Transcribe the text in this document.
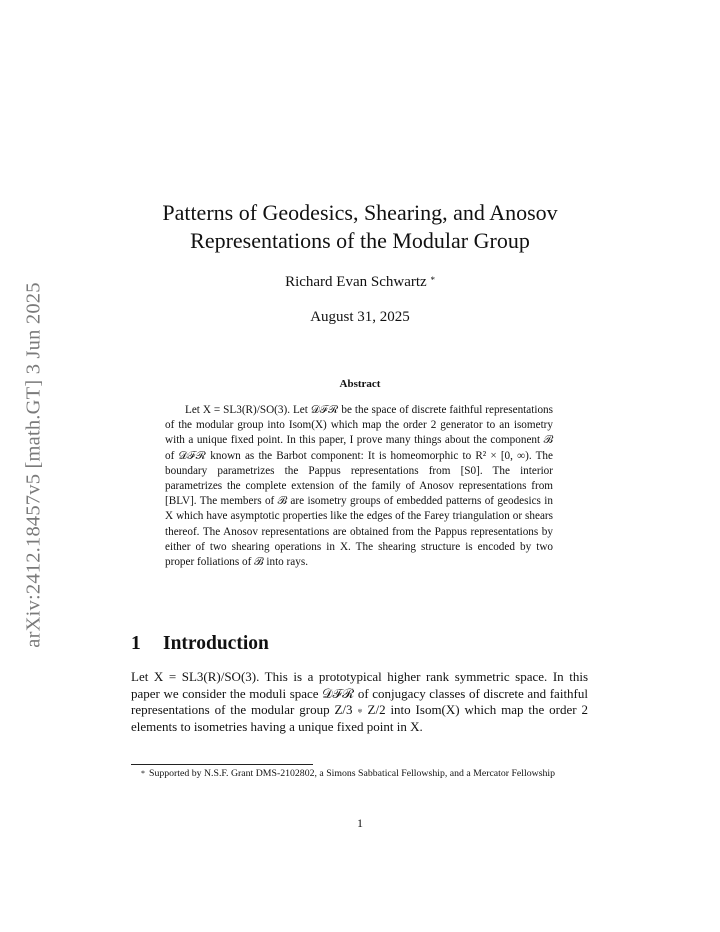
arXiv:2412.18457v5 [math.GT] 3 Jun 2025
Patterns of Geodesics, Shearing, and Anosov
Representations of the Modular Group
Richard Evan Schwartz *
August 31, 2025
Abstract

Let X = SL3(R)/SO(3). Let 𝒟ℱℛ be the space of discrete faithful representations of the modular group into Isom(X) which map the order 2 generator to an isometry with a unique fixed point. In this paper, I prove many things about the component ℬ of 𝒟ℱℛ known as the Barbot component: It is homeomorphic to R² × [0, ∞). The boundary parametrizes the Pappus representations from [S0]. The interior parametrizes the complete extension of the family of Anosov representations from [BLV]. The members of ℬ are isometry groups of embedded patterns of geodesics in X which have asymptotic properties like the edges of the Farey triangulation or shears thereof. The Anosov representations are obtained from the Pappus representations by either of two shearing operations in X. The shearing structure is encoded by two proper foliations of ℬ into rays.

1 Introduction

Let X = SL3(R)/SO(3). This is a prototypical higher rank symmetric space. In this paper we consider the moduli space 𝒟ℱℛ of conjugacy classes of discrete and faithful representations of the modular group Z/3 ∗ Z/2 into Isom(X) which map the order 2 elements to isometries having a unique fixed point in X.

* Supported by N.S.F. Grant DMS-2102802, a Simons Sabbatical Fellowship, and a Mercator Fellowship
1
